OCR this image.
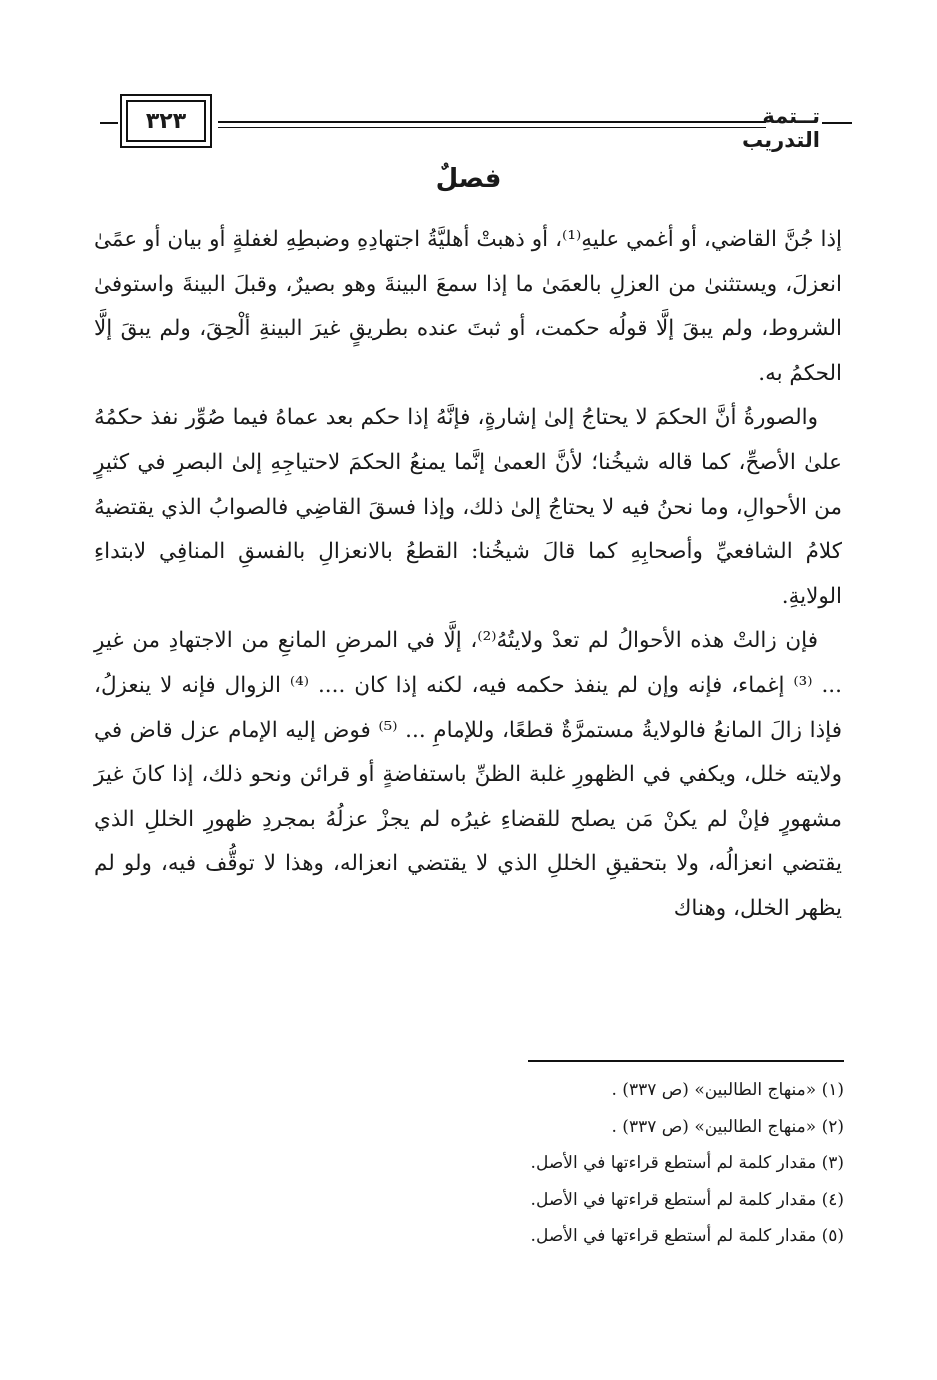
٣٢٣	تــتمة التدريب
فصلٌ

إذا جُنَّ القاضي، أو أغمي عليهِ⁽¹⁾، أو ذهبتْ أهليَّةُ اجتهادِهِ وضبطِهِ لغفلةٍ أو بيان أو عمًىٰ انعزلَ، ويستثنىٰ من العزلِ بالعمَىٰ ما إذا سمعَ البينةَ وهو بصيرٌ، وقبلَ البينةَ واستوفىٰ الشروط، ولم يبقَ إلَّا قولُه حكمت، أو ثبتَ عنده بطريقٍ غيرَ البينةِ ألْحِقَ، ولم يبقَ إلَّا الحكمُ به.

والصورةُ أنَّ الحكمَ لا يحتاجُ إلىٰ إشارةٍ، فإنَّهُ إذا حكم بعد عماهُ فيما صُوِّر نفذ حكمُهُ علىٰ الأصحِّ، كما قاله شيخُنا؛ لأنَّ العمىٰ إنَّما يمنعُ الحكمَ لاحتياجِهِ إلىٰ البصرِ في كثيرٍ من الأحوالِ، وما نحنُ فيه لا يحتاجُ إلىٰ ذلك، وإذا فسقَ القاضِي فالصوابُ الذي يقتضيهُ كلامُ الشافعيِّ وأصحابِهِ كما قالَ شيخُنا: القطعُ بالانعزالِ بالفسقِ المنافِي لابتداءِ الولايةِ.

فإن زالتْ هذه الأحوالُ لم تعدْ ولايتُهُ⁽²⁾، إلَّا في المرضِ المانعِ من الاجتهادِ من غيرِ ... ⁽³⁾ إغماء، فإنه وإن لم ينفذ حكمه فيه، لكنه إذا كان .... ⁽⁴⁾ الزوال فإنه لا ينعزلُ، فإذا زالَ المانعُ فالولايةُ مستمرَّةٌ قطعًا، وللإمامِ ... ⁽⁵⁾ فوض إليه الإمام عزل قاض في ولايته خلل، ويكفي في الظهورِ غلبة الظنِّ باستفاضةٍ أو قرائن ونحو ذلك، إذا كانَ غيرَ مشهورٍ فإنْ لم يكنْ مَن يصلح للقضاءِ غيرُه لم يجزْ عزلُهُ بمجردِ ظهورِ الخللِ الذي يقتضي انعزالُه، ولا بتحقيقِ الخللِ الذي لا يقتضي انعزاله، وهذا لا توقُّف فيه، ولو لم يظهر الخلل، وهناك

(١) «منهاج الطالبين» (ص ٣٣٧) .
(٢) «منهاج الطالبين» (ص ٣٣٧) .
(٣) مقدار كلمة لم أستطع قراءتها في الأصل.
(٤) مقدار كلمة لم أستطع قراءتها في الأصل.
(٥) مقدار كلمة لم أستطع قراءتها في الأصل.
